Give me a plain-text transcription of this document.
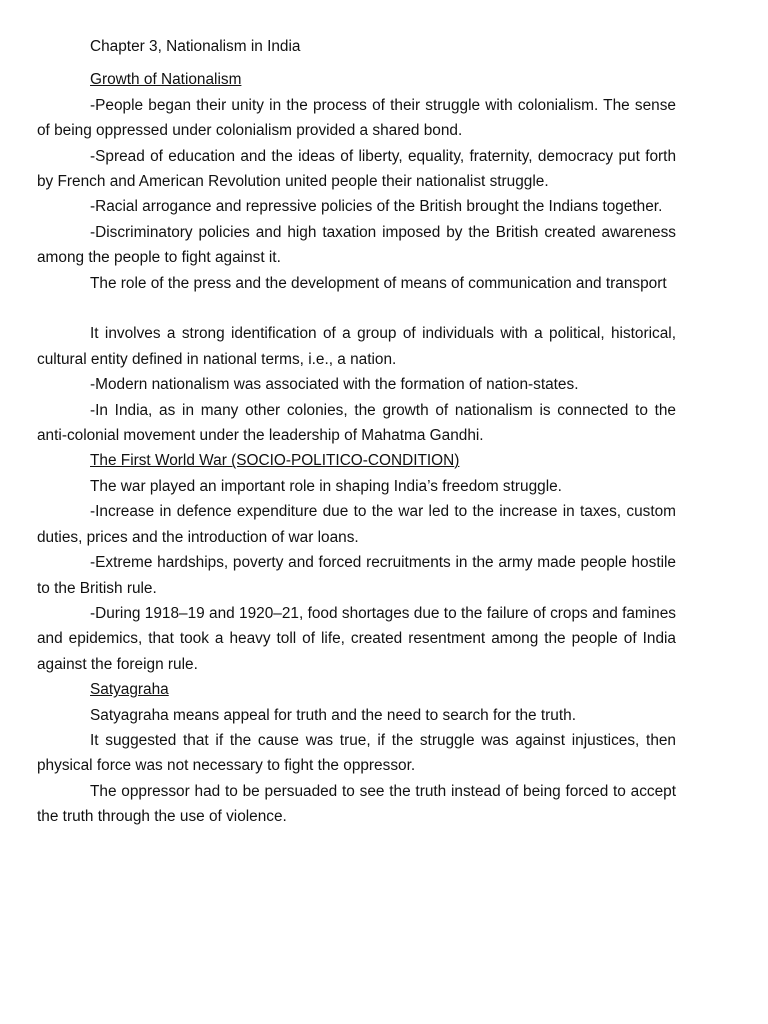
Chapter 3, Nationalism in India

Growth of Nationalism

-People began their unity in the process of their struggle with colonialism. The sense of being oppressed under colonialism provided a shared bond.

-Spread of education and the ideas of liberty, equality, fraternity, democracy put forth by French and American Revolution united people their nationalist struggle.

-Racial arrogance and repressive policies of the British brought the Indians together.

-Discriminatory policies and high taxation imposed by the British created awareness among the people to fight against it.

The role of the press and the development of means of communication and transport

It involves a strong identification of a group of individuals with a political, historical, cultural entity defined in national terms, i.e., a nation.

-Modern nationalism was associated with the formation of nation-states.

-In India, as in many other colonies, the growth of nationalism is connected to the anti-colonial movement under the leadership of Mahatma Gandhi.

The First World War (SOCIO-POLITICO-CONDITION)

The war played an important role in shaping India’s freedom struggle.

-Increase in defence expenditure due to the war led to the increase in taxes, custom duties, prices and the introduction of war loans.

-Extreme hardships, poverty and forced recruitments in the army made people hostile to the British rule.

-During 1918–19 and 1920–21, food shortages due to the failure of crops and famines and epidemics, that took a heavy toll of life, created resentment among the people of India against the foreign rule.

Satyagraha

Satyagraha means appeal for truth and the need to search for the truth.

It suggested that if the cause was true, if the struggle was against injustices, then physical force was not necessary to fight the oppressor.

The oppressor had to be persuaded to see the truth instead of being forced to accept the truth through the use of violence.
